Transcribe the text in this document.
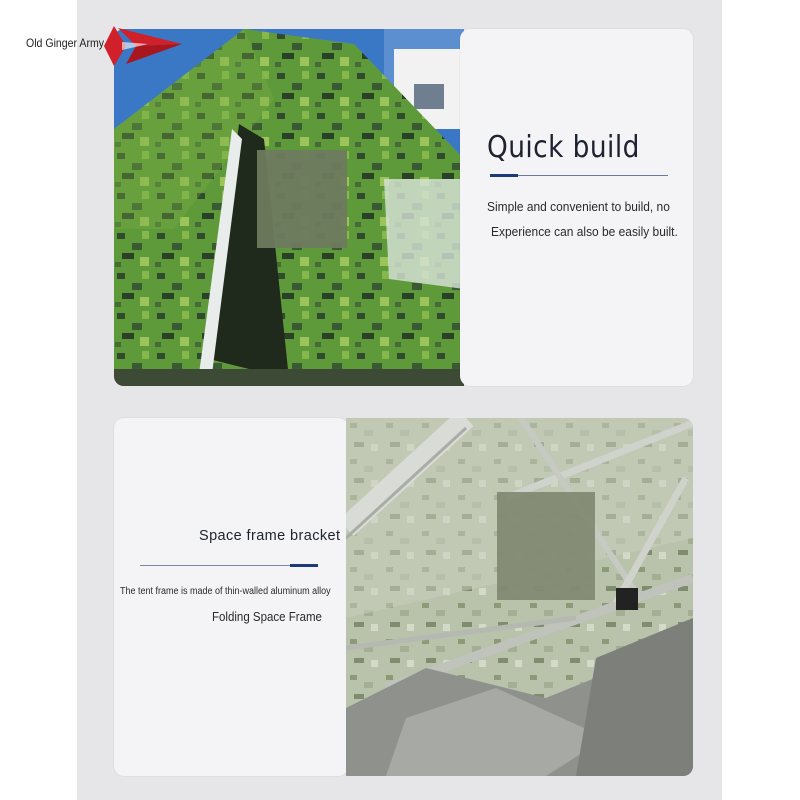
Quick build
Simple and convenient to build, no
Experience can also be easily built.
Space frame bracket
The tent frame is made of thin-walled aluminum alloy
Folding Space Frame
Old Ginger Army
